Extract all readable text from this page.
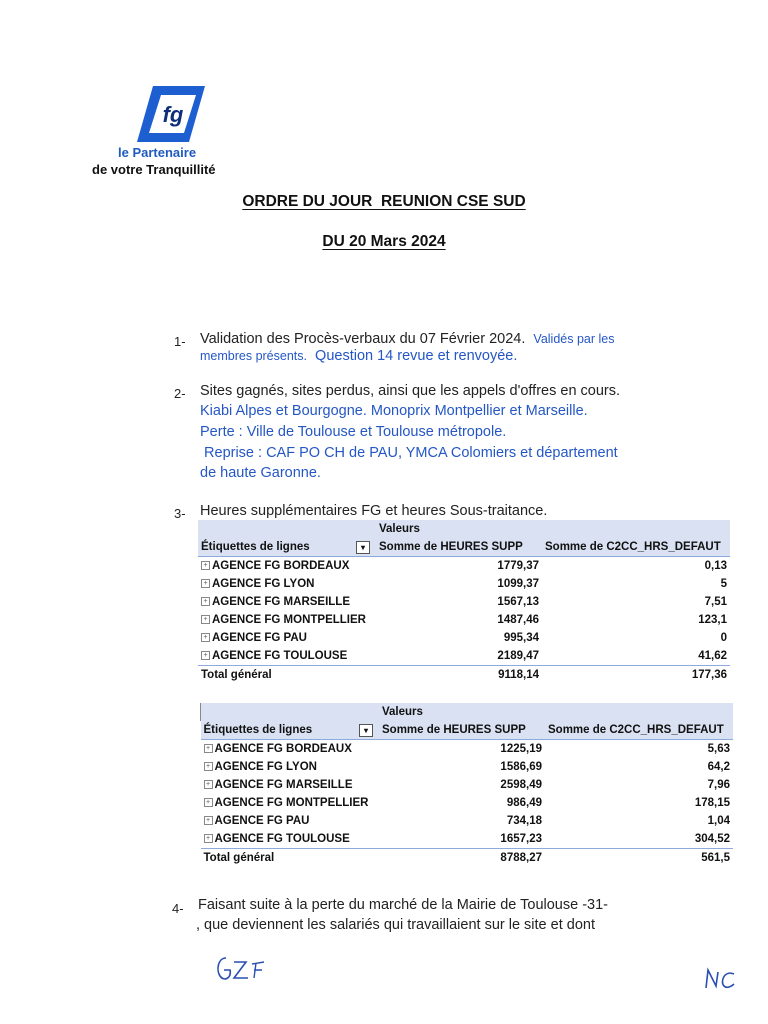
fg
le Partenaire
de votre Tranquillité
ORDRE DU JOUR  REUNION CSE SUD
DU 20 Mars 2024
1- Validation des Procès-verbaux du 07 Février 2024. Validés par les
membres présents. Question 14 revue et renvoyée.
2- Sites gagnés, sites perdus, ainsi que les appels d'offres en cours.
Kiabi Alpes et Bourgogne. Monoprix Montpellier et Marseille.
Perte : Ville de Toulouse et Toulouse métropole.
Reprise : CAF PO CH de PAU, YMCA Colomiers et département
de haute Garonne.
3- Heures supplémentaires FG et heures Sous-traitance.
	Valeurs	
Étiquettes de lignes ▾	Somme de HEURES SUPP	Somme de C2CC_HRS_DEFAUT
+ AGENCE FG BORDEAUX	1779,37	0,13
+ AGENCE FG LYON	1099,37	5
+ AGENCE FG MARSEILLE	1567,13	7,51
+ AGENCE FG MONTPELLIER	1487,46	123,1
+ AGENCE FG PAU	995,34	0
+ AGENCE FG TOULOUSE	2189,47	41,62
Total général	9118,14	177,36
	Valeurs	
Étiquettes de lignes ▾	Somme de HEURES SUPP	Somme de C2CC_HRS_DEFAUT
+ AGENCE FG BORDEAUX	1225,19	5,63
+ AGENCE FG LYON	1586,69	64,2
+ AGENCE FG MARSEILLE	2598,49	7,96
+ AGENCE FG MONTPELLIER	986,49	178,15
+ AGENCE FG PAU	734,18	1,04
+ AGENCE FG TOULOUSE	1657,23	304,52
Total général	8788,27	561,5
4- Faisant suite à la perte du marché de la Mairie de Toulouse -31-
, que deviennent les salariés qui travaillaient sur le site et dont
